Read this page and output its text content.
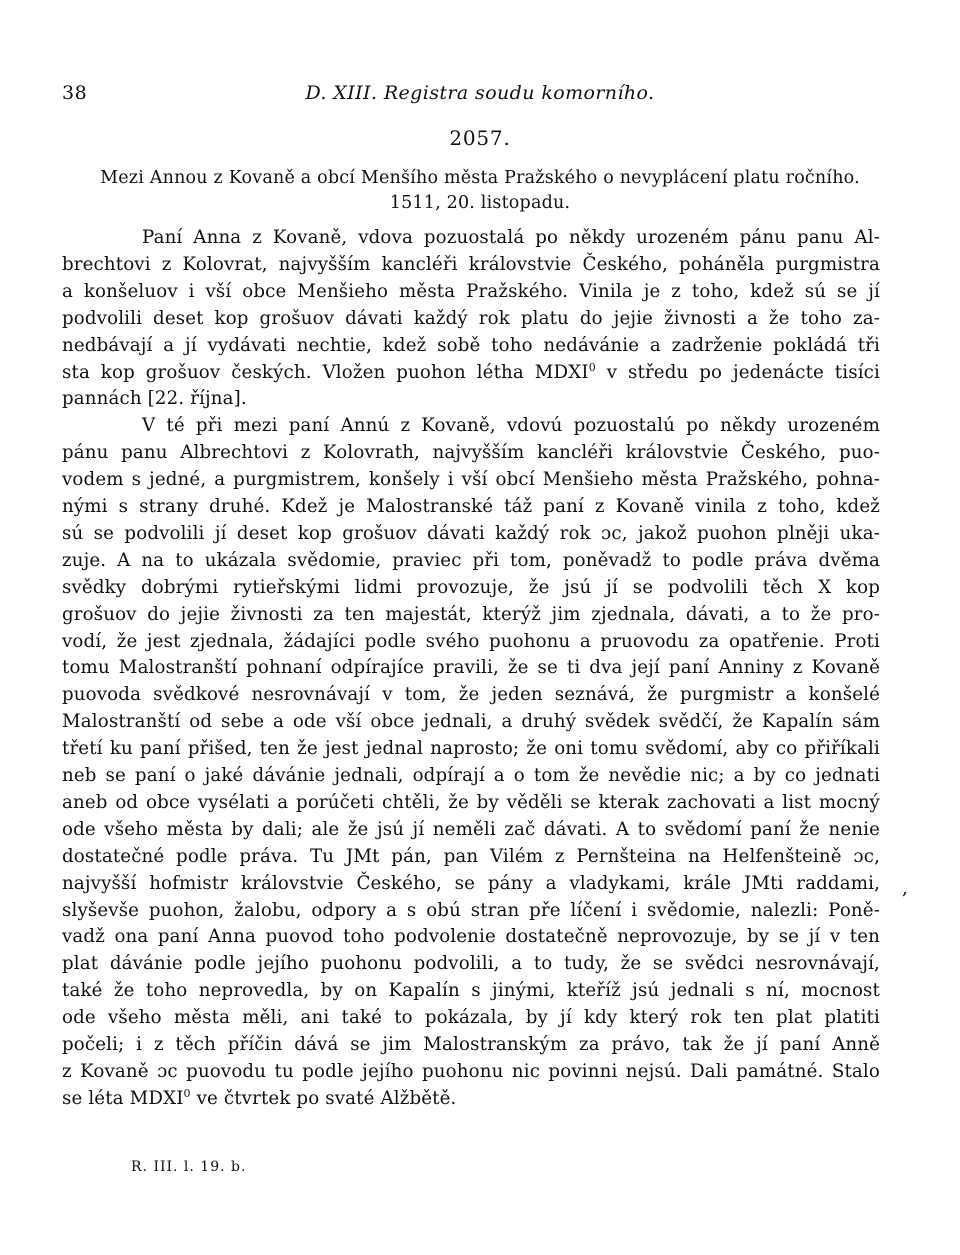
38	D. XIII. Registra soudu komorního.
2057.
Mezi Annou z Kovaně a obcí Menšího města Pražského o nevyplácení platu ročního.
1511, 20. listopadu.
Paní Anna z Kovaně, vdova pozuostalá po někdy urozeném pánu panu Al-
brechtovi z Kolovrat, najvyšším kancléři královstvie Českého, poháněla purgmistra
a konšeluov i vší obce Menšieho města Pražského. Vinila je z toho, kdež sú se jí
podvolili deset kop grošuov dávati každý rok platu do jejie živnosti a že toho za-
nedbávají a jí vydávati nechtie, kdež sobě toho nedávánie a zadrženie pokládá tři
sta kop grošuov českých. Vložen puohon létha MDXI$^0$ v středu po jedenácte tisíci
pannách [22. října].
V té při mezi paní Annú z Kovaně, vdovú pozuostalú po někdy urozeném
pánu panu Albrechtovi z Kolovrath, najvyšším kancléři královstvie Českého, puo-
vodem s jedné, a purgmistrem, konšely i vší obcí Menšieho města Pražského, pohna-
nými s strany druhé. Kdež je Malostranské táž paní z Kovaně vinila z toho, kdež
sú se podvolili jí deset kop grošuov dávati každý rok ɔc, jakož puohon plněji uka-
zuje. A na to ukázala svědomie, praviec při tom, poněvadž to podle práva dvěma
svědky dobrými rytieřskými lidmi provozuje, že jsú jí se podvolili těch X kop
grošuov do jejie živnosti za ten majestát, kterýž jim zjednala, dávati, a to že pro-
vodí, že jest zjednala, žádajíci podle svého puohonu a pruovodu za opatřenie. Proti
tomu Malostranští pohnaní odpírajíce pravili, že se ti dva její paní Anniny z Kovaně
puovoda svědkové nesrovnávají v tom, že jeden seznává, že purgmistr a konšelé
Malostranští od sebe a ode vší obce jednali, a druhý svědek svědčí, že Kapalín sám
třetí ku paní přišed, ten že jest jednal naprosto; že oni tomu svědomí, aby co přiříkali
neb se paní o jaké dávánie jednali, odpírají a o tom že nevědie nic; a by co jednati
aneb od obce vysélati a porúčeti chtěli, že by věděli se kterak zachovati a list mocný
ode všeho města by dali; ale že jsú jí neměli zač dávati. A to svědomí paní že nenie
dostatečné podle práva. Tu JMt pán, pan Vilém z Pernšteina na Helfenšteině ɔc,
najvyšší hofmistr královstvie Českého, se pány a vladykami, krále JMti raddami,
slyševše puohon, žalobu, odpory a s obú stran pře líčení i svědomie, nalezli: Poně-
vadž ona paní Anna puovod toho podvolenie dostatečně neprovozuje, by se jí v ten
plat dávánie podle jejího puohonu podvolili, a to tudy, že se svědci nesrovnávají,
také že toho neprovedla, by on Kapalín s jinými, kteříž jsú jednali s ní, mocnost
ode všeho města měli, ani také to pokázala, by jí kdy který rok ten plat platiti
počeli; i z těch příčin dává se jim Malostranským za právo, tak že jí paní Anně
z Kovaně ɔc puovodu tu podle jejího puohonu nic povinni nejsú. Dali památné. Stalo
se léta MDXI$^0$ ve čtvrtek po svaté Alžbětě.
,
R. III. l. 19. b.
